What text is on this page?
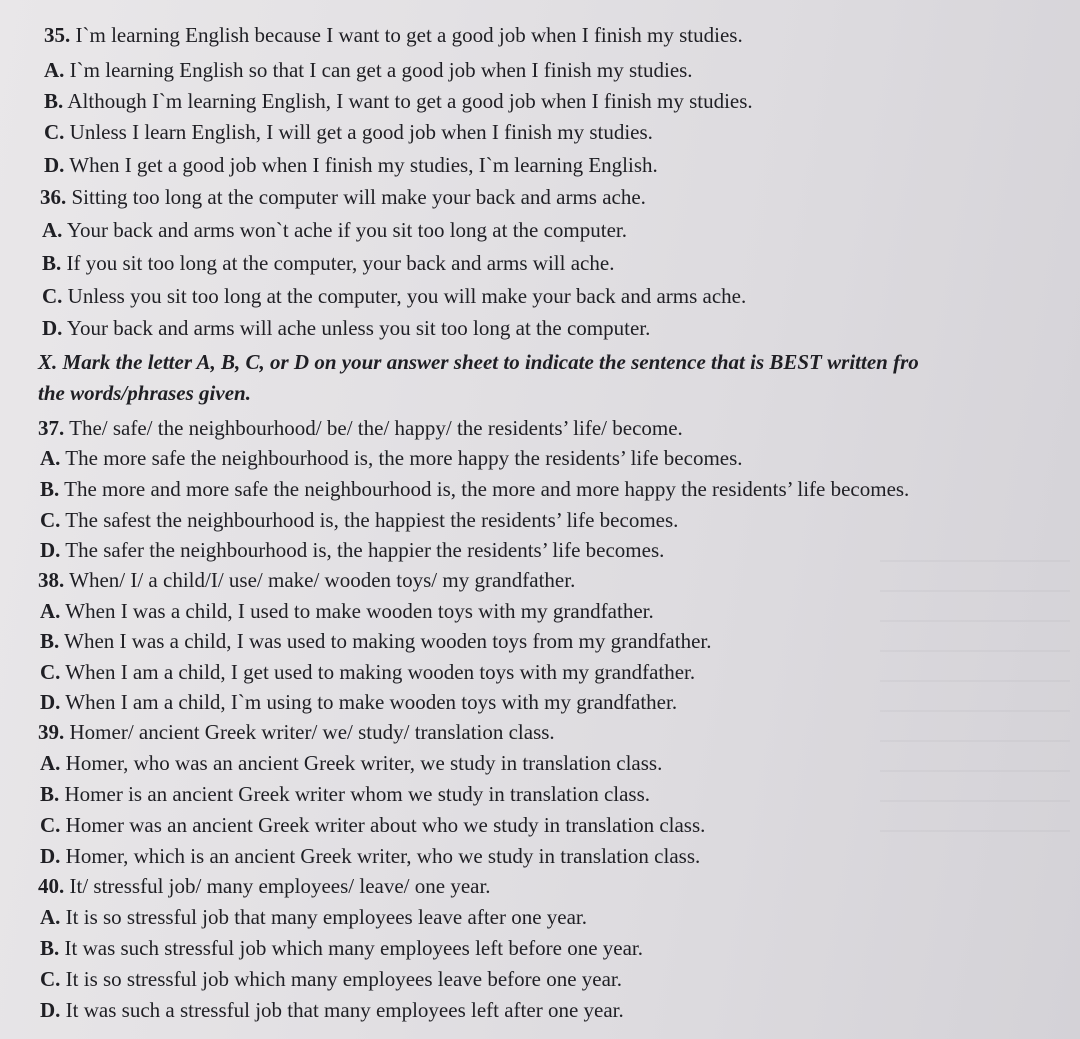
35. I`m learning English because I want to get a good job when I finish my studies.
A. I`m learning English so that I can get a good job when I finish my studies.
B. Although I`m learning English, I want to get a good job when I finish my studies.
C. Unless I learn English, I will get a good job when I finish my studies.
D. When I get a good job when I finish my studies, I`m learning English.
36. Sitting too long at the computer will make your back and arms ache.
A. Your back and arms won`t ache if you sit too long at the computer.
B. If you sit too long at the computer, your back and arms will ache.
C. Unless you sit too long at the computer, you will make your back and arms ache.
D. Your back and arms will ache unless you sit too long at the computer.
X. Mark the letter A, B, C, or D on your answer sheet to indicate the sentence that is BEST written fro
the words/phrases given.
37. The/ safe/ the neighbourhood/ be/ the/ happy/ the residents’ life/ become.
A. The more safe the neighbourhood is, the more happy the residents’ life becomes.
B. The more and more safe the neighbourhood is, the more and more happy the residents’ life becomes.
C. The safest the neighbourhood is, the happiest the residents’ life becomes.
D. The safer the neighbourhood is, the happier the residents’ life becomes.
38. When/ I/ a child/I/ use/ make/ wooden toys/ my grandfather.
A. When I was a child, I used to make wooden toys with my grandfather.
B. When I was a child, I was used to making wooden toys from my grandfather.
C. When I am a child, I get used to making wooden toys with my grandfather.
D. When I am a child, I`m using to make wooden toys with my grandfather.
39. Homer/ ancient Greek writer/ we/ study/ translation class.
A. Homer, who was an ancient Greek writer, we study in translation class.
B. Homer is an ancient Greek writer whom we study in translation class.
C. Homer was an ancient Greek writer about who we study in translation class.
D. Homer, which is an ancient Greek writer, who we study in translation class.
40. It/ stressful job/ many employees/ leave/ one year.
A. It is so stressful job that many employees leave after one year.
B. It was such stressful job which many employees left before one year.
C. It is so stressful job which many employees leave before one year.
D. It was such a stressful job that many employees left after one year.
